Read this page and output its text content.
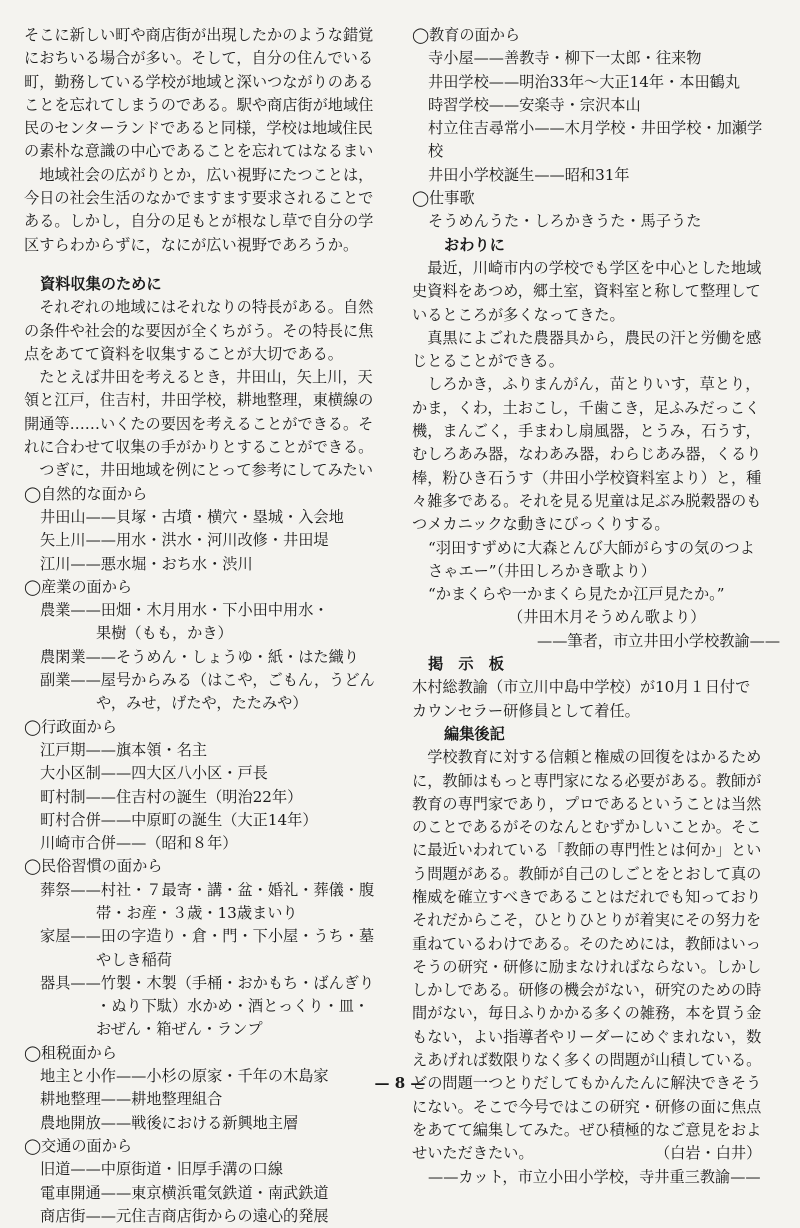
そこに新しい町や商店街が出現したかのような錯覚
におちいる場合が多い。そして，自分の住んでいる
町，勤務している学校が地域と深いつながりのある
ことを忘れてしまうのである。駅や商店街が地域住
民のセンターランドであると同様，学校は地域住民
の素朴な意識の中心であることを忘れてはなるまい
　地域社会の広がりとか，広い視野にたつことは，
今日の社会生活のなかでますます要求されることで
ある。しかし，自分の足もとが根なし草で自分の学
区すらわからずに，なにが広い視野であろうか。
資料収集のために
　それぞれの地域にはそれなりの特長がある。自然
の条件や社会的な要因が全くちがう。その特長に焦
点をあてて資料を収集することが大切である。
　たとえば井田を考えるとき，井田山，矢上川，天
領と江戸，住吉村，井田学校，耕地整理，東横線の
開通等……いくたの要因を考えることができる。そ
れに合わせて収集の手がかりとすることができる。
　つぎに，井田地域を例にとって参考にしてみたい
◯自然的な面から
井田山——貝塚・古墳・横穴・塁城・入会地
矢上川——用水・洪水・河川改修・井田堤
江川——悪水堀・おち水・渋川
◯産業の面から
農業——田畑・木月用水・下小田中用水・
果樹（もも，かき）
農閑業——そうめん・しょうゆ・紙・はた織り
副業——屋号からみる（はこや，ごもん，うどん
や，みせ，げたや，たたみや）
◯行政面から
江戸期——旗本領・名主
大小区制——四大区八小区・戸長
町村制——住吉村の誕生（明治22年）
町村合併——中原町の誕生（大正14年）
川崎市合併——（昭和８年）
◯民俗習慣の面から
葬祭——村社・７最寄・講・盆・婚礼・葬儀・腹
帯・お産・３歳・13歳まいり
家屋——田の字造り・倉・門・下小屋・うち・墓
やしき稲荷
器具——竹製・木製（手桶・おかもち・ばんぎり
・ぬり下駄）水かめ・酒とっくり・皿・
おぜん・箱ぜん・ランプ
◯租税面から
地主と小作——小杉の原家・千年の木島家
耕地整理——耕地整理組合
農地開放——戦後における新興地主層
◯交通の面から
旧道——中原街道・旧厚手溝の口線
電車開通——東京横浜電気鉄道・南武鉄道
商店街——元住吉商店街からの遠心的発展
◯教育の面から
寺小屋——善教寺・柳下一太郎・往来物
井田学校——明治33年〜大正14年・本田鶴丸
時習学校——安楽寺・宗沢本山
村立住吉尋常小——木月学校・井田学校・加瀬学
校
井田小学校誕生——昭和31年
◯仕事歌
そうめんうた・しろかきうた・馬子うた
おわりに
　最近，川崎市内の学校でも学区を中心とした地域
史資料をあつめ，郷土室，資料室と称して整理して
いるところが多くなってきた。
　真黒によごれた農器具から，農民の汗と労働を感
じとることができる。
　しろかき，ふりまんがん，苗とりいす，草とり，
かま，くわ，土おこし，千歯こき，足ふみだっこく
機，まんごく，手まわし扇風器，とうみ，石うす，
むしろあみ器，なわあみ器，わらじあみ器，くるり
棒，粉ひき石うす（井田小学校資料室より）と，種
々雑多である。それを見る児童は足ぶみ脱穀器のも
つメカニックな動きにびっくりする。
“羽田すずめに大森とんび大師がらすの気のつよ
さゃエー”（井田しろかき歌より）
“かまくらや一かまくら見たか江戸見たか。”
（井田木月そうめん歌より）
——筆者，市立井田小学校教諭——
掲　示　板
木村総教諭（市立川中島中学校）が10月１日付で
カウンセラー研修員として着任。
編集後記
　学校教育に対する信頼と権威の回復をはかるため
に，教師はもっと専門家になる必要がある。教師が
教育の専門家であり，プロであるということは当然
のことであるがそのなんとむずかしいことか。そこ
に最近いわれている「教師の専門性とは何か」とい
う問題がある。教師が自己のしごとをとおして真の
権威を確立すべきであることはだれでも知っており
それだからこそ，ひとりひとりが着実にその努力を
重ねているわけである。そのためには，教師はいっ
そうの研究・研修に励まなければならない。しかし
しかしである。研修の機会がない，研究のための時
間がない，毎日ふりかかる多くの雑務，本を買う金
もない，よい指導者やリーダーにめぐまれない，数
えあげれば数限りなく多くの問題が山積している。
どの問題一つとりだしてもかんたんに解決できそう
にない。そこで今号ではこの研究・研修の面に焦点
をあてて編集してみた。ぜひ積極的なご意見をおよ
せいただきたい。　　　　　　　　　（白岩・白井）
——カット，市立小田小学校，寺井重三教諭——
— 8 —
